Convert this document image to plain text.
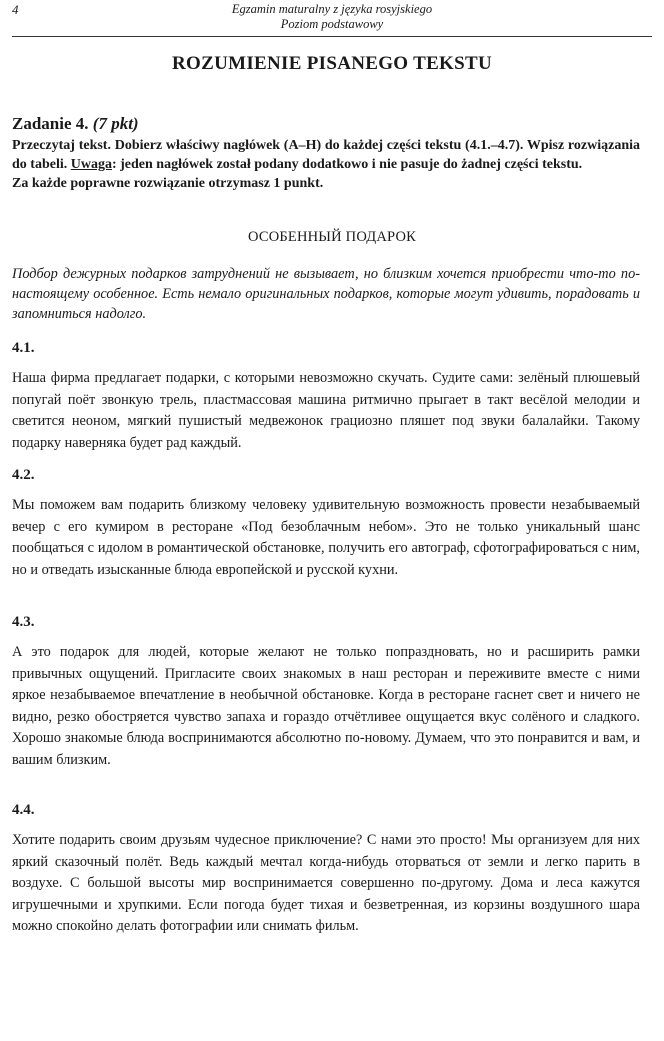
4	Egzamin maturalny z języka rosyjskiego
Poziom podstawowy
ROZUMIENIE PISANEGO TEKSTU
Zadanie 4. (7 pkt)

Przeczytaj tekst. Dobierz właściwy nagłówek (A–H) do każdej części tekstu (4.1.–4.7). Wpisz rozwiązania do tabeli. Uwaga: jeden nagłówek został podany dodatkowo i nie pasuje do żadnej części tekstu.
Za każde poprawne rozwiązanie otrzymasz 1 punkt.

ОСОБЕННЫЙ ПОДАРОК

Подбор дежурных подарков затруднений не вызывает, но близким хочется приобрести что-то по-настоящему особенное. Есть немало оригинальных подарков, которые могут удивить, порадовать и запомниться надолго.

4.1.

Наша фирма предлагает подарки, с которыми невозможно скучать. Судите сами: зелёный плюшевый попугай поёт звонкую трель, пластмассовая машина ритмично прыгает в такт весёлой мелодии и светится неоном, мягкий пушистый медвежонок грациозно пляшет под звуки балалайки. Такому подарку наверняка будет рад каждый.

4.2.

Мы поможем вам подарить близкому человеку удивительную возможность провести незабываемый вечер с его кумиром в ресторане «Под безоблачным небом». Это не только уникальный шанс пообщаться с идолом в романтической обстановке, получить его автограф, сфотографироваться с ним, но и отведать изысканные блюда европейской и русской кухни.

4.3.

А это подарок для людей, которые желают не только попраздновать, но и расширить рамки привычных ощущений. Пригласите своих знакомых в наш ресторан и переживите вместе с ними яркое незабываемое впечатление в необычной обстановке. Когда в ресторане гаснет свет и ничего не видно, резко обостряется чувство запаха и гораздо отчётливее ощущается вкус солёного и сладкого. Хорошо знакомые блюда воспринимаются абсолютно по-новому. Думаем, что это понравится и вам, и вашим близким.

4.4.

Хотите подарить своим друзьям чудесное приключение? С нами это просто! Мы организуем для них яркий сказочный полёт. Ведь каждый мечтал когда-нибудь оторваться от земли и легко парить в воздухе. С большой высоты мир воспринимается совершенно по-другому. Дома и леса кажутся игрушечными и хрупкими. Если погода будет тихая и безветренная, из корзины воздушного шара можно спокойно делать фотографии или снимать фильм.
